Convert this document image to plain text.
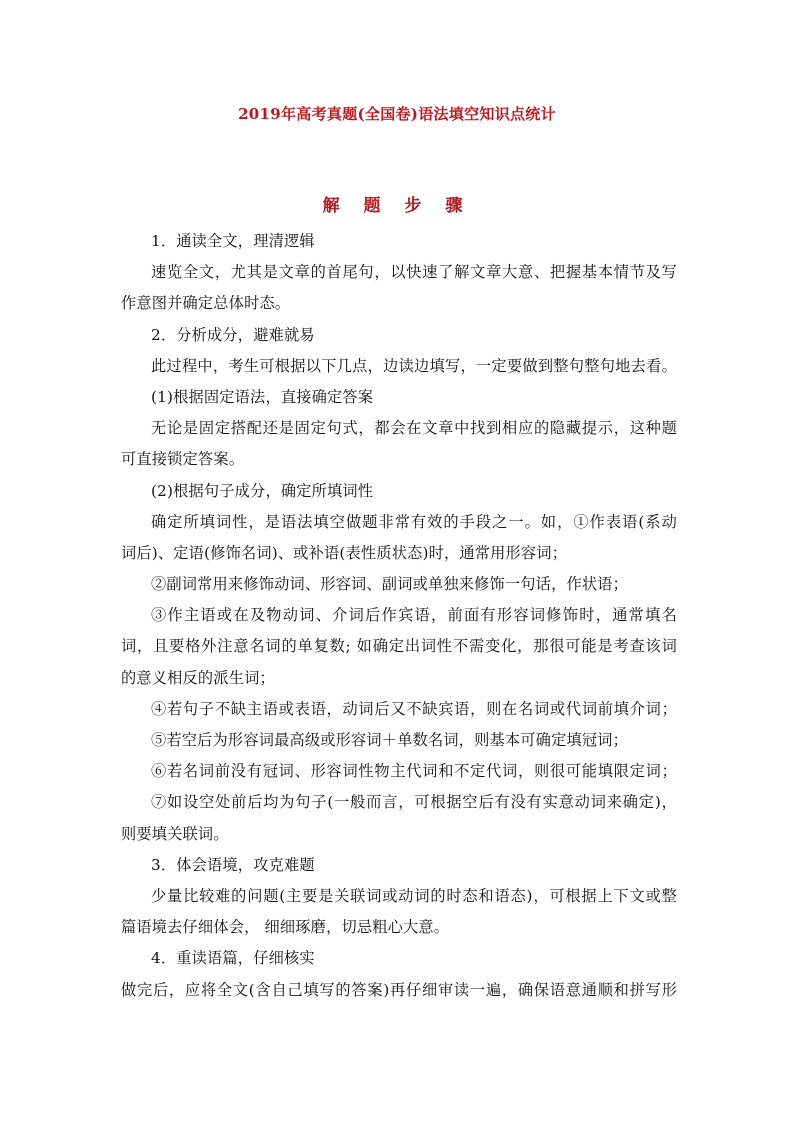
2019年高考真题(全国卷)语法填空知识点统计
解 题 步 骤
1．通读全文，理清逻辑
速览全文，尤其是文章的首尾句，以快速了解文章大意、把握基本情节及写
作意图并确定总体时态。
2．分析成分，避难就易
此过程中，考生可根据以下几点，边读边填写，一定要做到整句整句地去看。
(1)根据固定语法，直接确定答案
无论是固定搭配还是固定句式，都会在文章中找到相应的隐藏提示，这种题
可直接锁定答案。
(2)根据句子成分，确定所填词性
确定所填词性，是语法填空做题非常有效的手段之一。如，①作表语(系动
词后)、定语(修饰名词)、或补语(表性质状态)时，通常用形容词；
②副词常用来修饰动词、形容词、副词或单独来修饰一句话，作状语；
③作主语或在及物动词、介词后作宾语，前面有形容词修饰时，通常填名
词，且要格外注意名词的单复数; 如确定出词性不需变化，那很可能是考查该词
的意义相反的派生词；
④若句子不缺主语或表语，动词后又不缺宾语，则在名词或代词前填介词；
⑤若空后为形容词最高级或形容词＋单数名词，则基本可确定填冠词；
⑥若名词前没有冠词、形容词性物主代词和不定代词，则很可能填限定词；
⑦如设空处前后均为句子(一般而言，可根据空后有没有实意动词来确定)，
则要填关联词。
3．体会语境，攻克难题
少量比较难的问题(主要是关联词或动词的时态和语态)，可根据上下文或整
篇语境去仔细体会， 细细琢磨，切忌粗心大意。
4．重读语篇，仔细核实
做完后，应将全文(含自己填写的答案)再仔细审读一遍，确保语意通顺和拼写形
